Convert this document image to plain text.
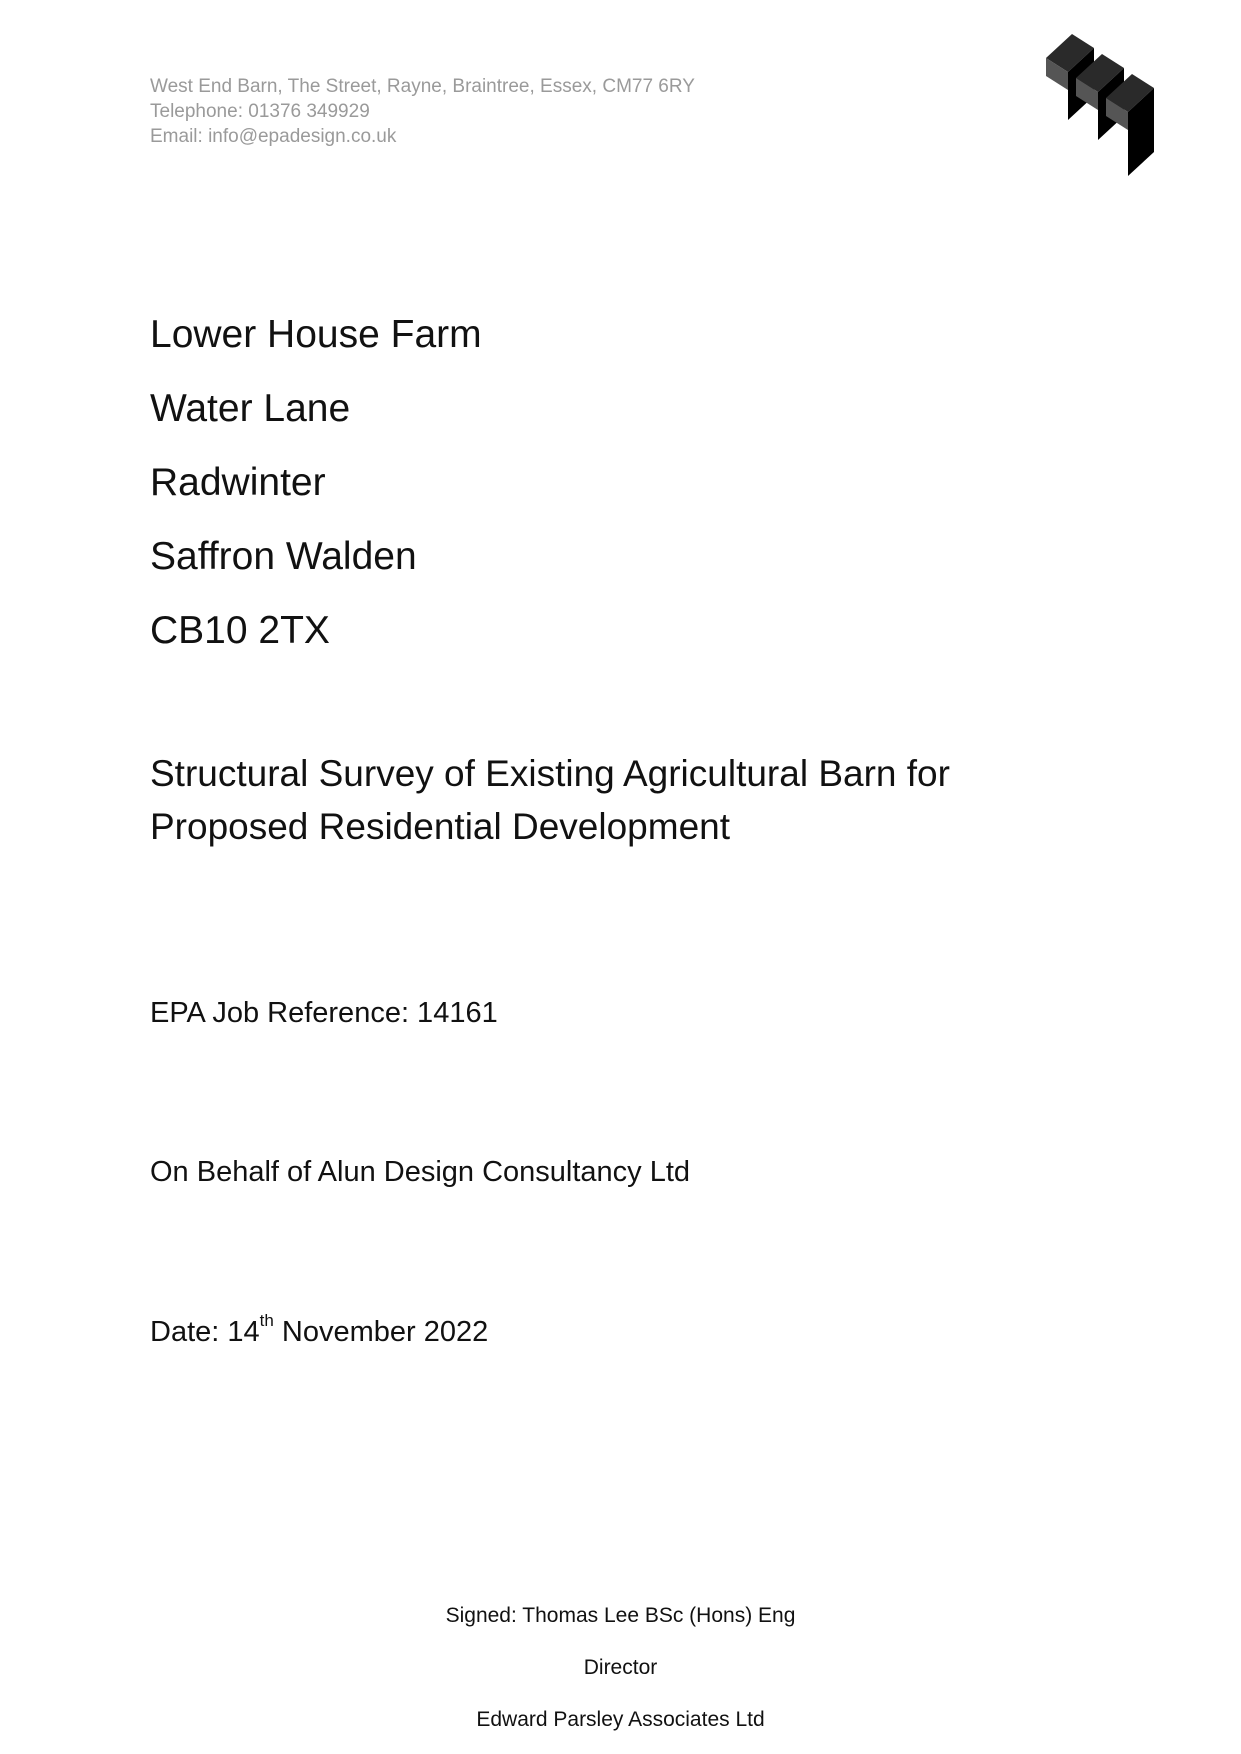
West End Barn, The Street, Rayne, Braintree, Essex, CM77 6RY
Telephone: 01376 349929
Email: info@epadesign.co.uk
Lower House Farm
Water Lane
Radwinter
Saffron Walden
CB10 2TX
Structural Survey of Existing Agricultural Barn for
Proposed Residential Development
EPA Job Reference: 14161
On Behalf of Alun Design Consultancy Ltd
Date: 14th November 2022
Signed: Thomas Lee BSc (Hons) Eng
Director
Edward Parsley Associates Ltd
